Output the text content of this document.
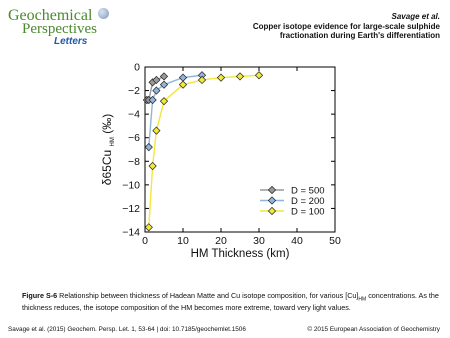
Geochemical
Perspectives
Letters
Savage et al.
Copper isotope evidence for large-scale sulphide
fractionation during Earth's differentiation
0	10	20	30	40	50
0
−2
−4
−6
−8
−10
−12
−14
HM Thickness (km)
δ65Cu $_{HM}$ (‰)
D = 500
D = 200
D = 100
Figure S-6 Relationship between thickness of Hadean Matte and Cu isotope composition, for various $[Cu]_{HM}$ concentrations. As the thickness reduces, the isotope composition of the HM becomes more extreme, toward very light values.
Savage et al. (2015) Geochem. Persp. Let. 1, 53-64 | doi: 10.7185/geochemlet.1506	© 2015 European Association of Geochemistry
